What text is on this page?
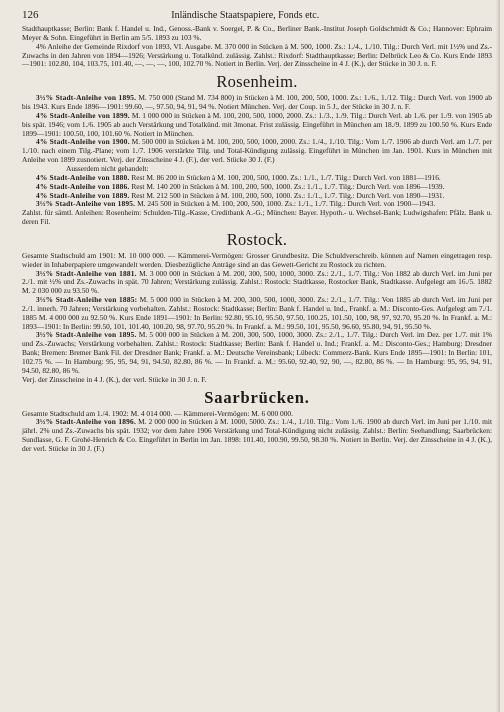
126	Inländische Staatspapiere, Fonds etc.

Stadthauptkasse; Berlin: Bank f. Handel u. Ind., Genoss.-Bank v. Soergel, P. & Co., Berliner Bank.-Institut Joseph Goldschmidt & Co.; Hannover: Ephraim Meyer & Sohn. Eingeführt in Berlin am 5/5. 1893 zu 103 %.

4% Anleihe der Gemeinde Rixdorf von 1893, VI. Ausgabe. M. 370 000 in Stücken à M. 500, 1000. Zs.: 1./4., 1./10. Tilg.: Durch Verl. mit 1½% und Zs.-Zuwachs in den Jahren von 1894—1926; Verstärkung u. Totalkünd. zulässig. Zahlst.: Rixdorf: Stadthauptkasse; Berlin: Delbrück Leo & Co. Kurs Ende 1893—1901: 102.80, 104, 103.75, 101.40, —, —, —, 100, 102.70 %. Notiert in Berlin. Verj. der Zinsscheine in 4 J. (K.), der Stücke in 30 J. n. F.

Rosenheim.

3½% Stadt-Anleihe von 1895. M. 750 000 (Stand M. 734 800) in Stücken à M. 100, 200, 500, 1000. Zs.: 1./6., 1./12. Tilg.: Durch Verl. von 1900 ab bis 1943. Kurs Ende 1896—1901: 99.60, —, 97.50, 94, 91, 94 %. Notiert München. Verj. der Coup. in 5 J., der Stücke in 30 J. n. F.

4% Stadt-Anleihe von 1899. M. 1 000 000 in Stücken à M. 100, 200, 500, 1000, 2000. Zs.: 1./3., 1./9. Tilg.: Durch Verl. ab 1./6. per 1./9. von 1905 ab bis spät. 1946; vom 1./6. 1905 ab auch Verstärkung und Totalkünd. mit 3monat. Frist zulässig. Eingeführt in München am 18./9. 1899 zu 100.50 %. Kurs Ende 1899—1901: 100.50, 100, 101.60 %. Notiert in München.

4% Stadt-Anleihe von 1900. M. 500 000 in Stücken à M. 100, 200, 500, 1000, 2000. Zs.: 1./4., 1./10. Tilg.: Vom 1./7. 1906 ab durch Verl. am 1./7. per 1./10. nach einem Tilg.-Plane; vom 1./7. 1906 verstärkte Tilg. und Total-Kündigung zulässig. Eingeführt in München im Jan. 1901. Kurs in München mit Anleihe von 1899 zusnotiert. Verj. der Zinsscheine 4 J. (F.), der verl. Stücke 30 J. (F.)

Ausserdem nicht gehandelt:

4% Stadt-Anleihe von 1880. Rest M. 86 200 in Stücken à M. 100, 200, 500, 1000. Zs.: 1./1., 1./7. Tilg.: Durch Verl. von 1881—1916.

4% Stadt-Anleihe von 1886. Rest M. 140 200 in Stücken à M. 100, 200, 500, 1000. Zs.: 1./1., 1./7. Tilg.: Durch Verl. von 1896—1939.

4% Stadt-Anleihe von 1889. Rest M. 212 500 in Stücken à M. 100, 200, 500, 1000. Zs.: 1./1., 1./7. Tilg.: Durch Verl. von 1890—1931.

3½% Stadt-Anleihe von 1895. M. 245 500 in Stücken à M. 100, 200, 500, 1000. Zs.: 1./1., 1./7. Tilg.: Durch Verl. von 1900—1943.

Zahlst. für sämtl. Anleihen: Rosenheim: Schulden-Tilg.-Kasse, Creditbank A.-G.; München: Bayer. Hypoth.- u. Wechsel-Bank; Ludwigshafen: Pfälz. Bank u. deren Fil.

Rostock.

Gesamte Stadtschuld am 1901: M. 10 000 000. — Kämmerei-Vermögen: Grosser Grundbesitz. Die Schuldverschreib. können auf Namen eingetragen resp. wieder in Inhaberpapiere umgewandelt werden. Diesbezügliche Anträge sind an das Gewett-Gericht zu Rostock zu richten.

3½% Stadt-Anleihe von 1881. M. 3 000 000 in Stücken à M. 200, 300, 500, 1000, 3000. Zs.: 2./1., 1./7. Tilg.: Von 1882 ab durch Verl. im Juni per 2./1. mit ½% und Zs.-Zuwachs in spät. 70 Jahren; Verstärkung zulässig. Zahlst.: Rostock: Stadtkasse, Rostocker Bank, Stadtkasse. Aufgelegt am 16./5. 1882 M. 2 030 000 zu 93.50 %.

3½% Stadt-Anleihe von 1885: M. 5 000 000 in Stücken à M. 200, 300, 500, 1000, 3000. Zs.: 2./1., 1./7. Tilg.: Von 1885 ab durch Verl. im Juni per 2./1. innerh. 70 Jahren; Verstärkung vorbehalten. Zahlst.: Rostock: Stadtkasse; Berlin: Bank f. Handel u. Ind., Frankf. a. M.: Disconto-Ges. Aufgelegt am 7./1. 1885 M. 4 000 000 zu 92.50 %. Kurs Ende 1891—1901: In Berlin: 92.80, 95.10, 95.50, 97.50, 100.25, 101.50, 100, 98, 97, 92.70, 95.20 %. In Frankf. a. M.: 1893—1901: In Berlin: 99.50, 101, 101.40, 100.20, 98, 97.70, 95.20 %. In Frankf. a. M.: 99.50, 101, 95.50, 96.60, 95.80, 94, 91, 95.50 %.

3½% Stadt-Anleihe von 1895. M. 5 000 000 in Stücken à M. 200, 300, 500, 1000, 3000. Zs.: 2./1., 1./7. Tilg.: Durch Verl. im Dez. per 1./7. mit 1% und Zs.-Zuwachs; Verstärkung vorbehalten. Zahlst.: Rostock: Stadtkasse; Berlin: Bank f. Handel u. Ind.; Frankf. a. M.: Disconto-Ges.; Hamburg: Dresdner Bank; Bremen: Bremer Bank Fil. der Dresdner Bank; Frankf. a. M.: Deutsche Vereinsbank; Lübeck: Commerz-Bank. Kurs Ende 1895—1901: In Berlin: 101, 102.75 %. — In Hamburg: 95, 95, 94, 91, 94.50, 82.80, 86 %. — In Frankf. a. M.: 95.60, 92.40, 92, 90, —, 82.80, 86 %. — In Hamburg: 95, 95, 94, 91, 94.50, 82.80, 86 %.

Verj. der Zinsscheine in 4 J. (K.), der verl. Stücke in 30 J. n. F.

Saarbrücken.

Gesamte Stadtschuld am 1./4. 1902: M. 4 014 000. — Kämmerei-Vermögen: M. 6 000 000.

3½% Stadt-Anleihe von 1896. M. 2 000 000 in Stücken à M. 1000, 5000. Zs.: 1./4., 1./10. Tilg.: Vom 1./6. 1900 ab durch Verl. im Juni per 1./10. mit jährl. 2% und Zs.-Zuwachs bis spät. 1932; vor dem Jahre 1906 Verstärkung und Total-Kündigung nicht zulässig. Zahlst.: Berlin: Seehandlung; Saarbrücken: Sundlasse, G. F. Grohé-Henrich & Co. Eingeführt in Berlin im Jan. 1898: 101.40, 100.90, 99.50, 98.30 %. Notiert in Berlin. Verj. der Zinsscheine in 4 J. (K.), der verl. Stücke in 30 J. (F.)
